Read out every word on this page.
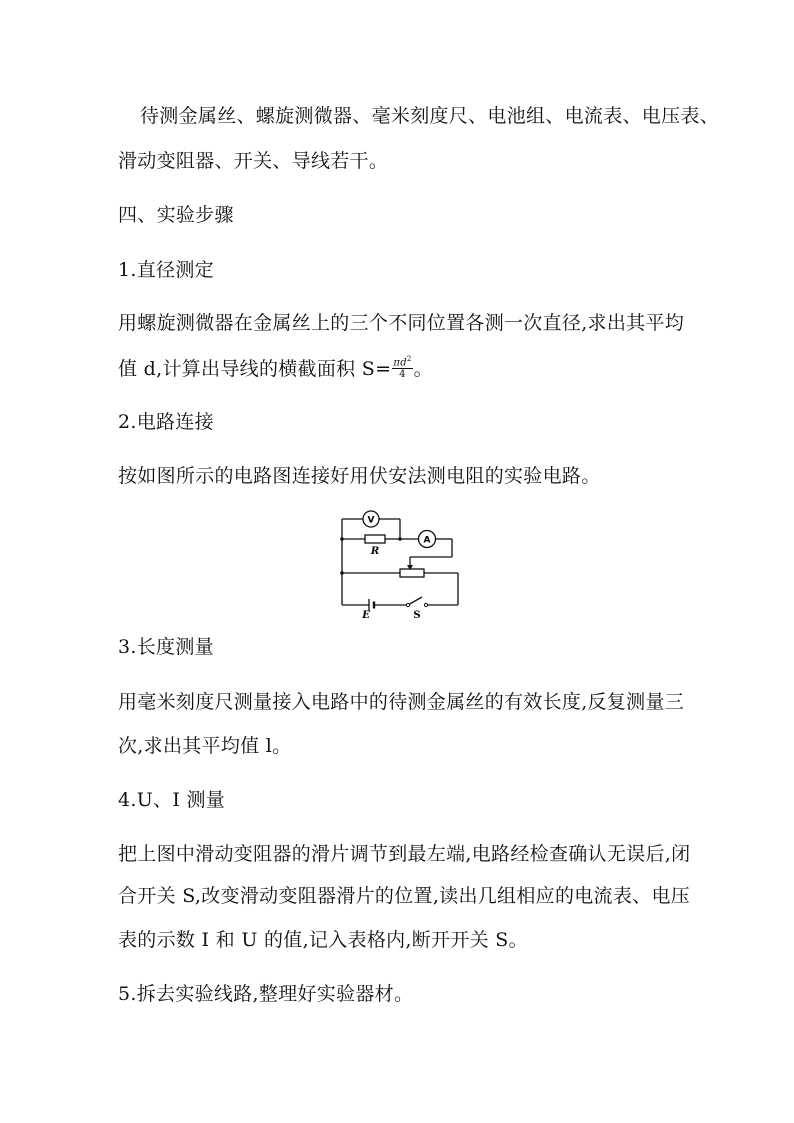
待测金属丝、螺旋测微器、毫米刻度尺、电池组、电流表、电压表、
滑动变阻器、开关、导线若干。
四、实验步骤
1.直径测定
用螺旋测微器在金属丝上的三个不同位置各测一次直径,求出其平均
值 d,计算出导线的横截面积 $S= \frac{\pi d^2}{4}$ 。
2.电路连接
按如图所示的电路图连接好用伏安法测电阻的实验电路。
V
A
R
E	S
3.长度测量
用毫米刻度尺测量接入电路中的待测金属丝的有效长度,反复测量三
次,求出其平均值 l。
4.U、I 测量
把上图中滑动变阻器的滑片调节到最左端,电路经检查确认无误后,闭
合开关 S,改变滑动变阻器滑片的位置,读出几组相应的电流表、电压
表的示数 I 和 U 的值,记入表格内,断开开关 S。
5.拆去实验线路,整理好实验器材。
